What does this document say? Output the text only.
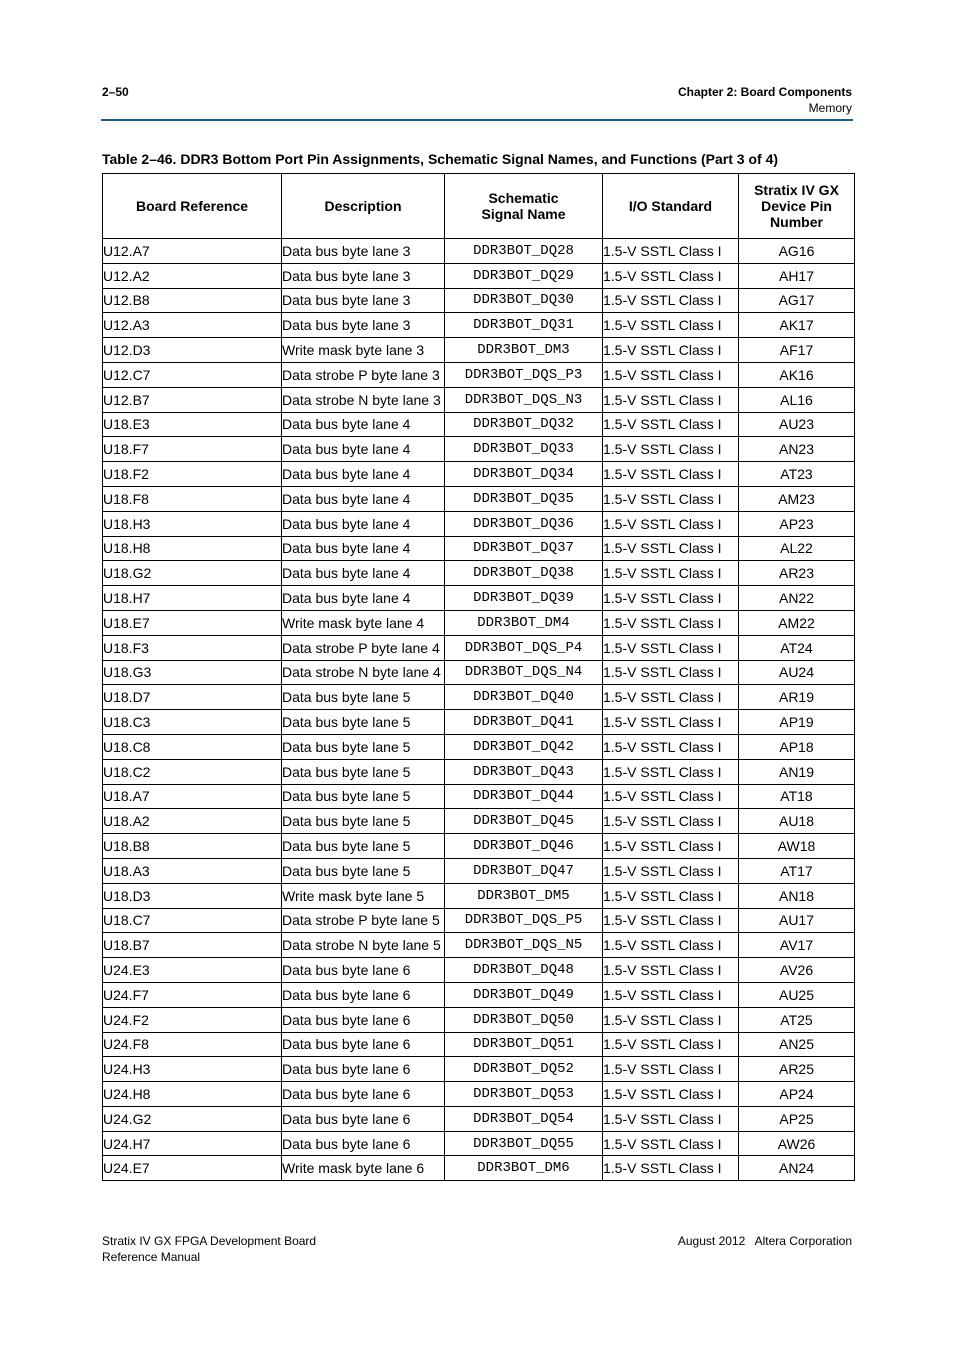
2–50	Chapter 2: Board Components
Memory
Table 2–46. DDR3 Bottom Port Pin Assignments, Schematic Signal Names, and Functions (Part 3 of 4)
Board Reference	Description	Schematic Signal Name	I/O Standard	Stratix IV GX Device Pin Number
U12.A7	Data bus byte lane 3	DDR3BOT_DQ28	1.5-V SSTL Class I	AG16
U12.A2	Data bus byte lane 3	DDR3BOT_DQ29	1.5-V SSTL Class I	AH17
U12.B8	Data bus byte lane 3	DDR3BOT_DQ30	1.5-V SSTL Class I	AG17
U12.A3	Data bus byte lane 3	DDR3BOT_DQ31	1.5-V SSTL Class I	AK17
U12.D3	Write mask byte lane 3	DDR3BOT_DM3	1.5-V SSTL Class I	AF17
U12.C7	Data strobe P byte lane 3	DDR3BOT_DQS_P3	1.5-V SSTL Class I	AK16
U12.B7	Data strobe N byte lane 3	DDR3BOT_DQS_N3	1.5-V SSTL Class I	AL16
U18.E3	Data bus byte lane 4	DDR3BOT_DQ32	1.5-V SSTL Class I	AU23
U18.F7	Data bus byte lane 4	DDR3BOT_DQ33	1.5-V SSTL Class I	AN23
U18.F2	Data bus byte lane 4	DDR3BOT_DQ34	1.5-V SSTL Class I	AT23
U18.F8	Data bus byte lane 4	DDR3BOT_DQ35	1.5-V SSTL Class I	AM23
U18.H3	Data bus byte lane 4	DDR3BOT_DQ36	1.5-V SSTL Class I	AP23
U18.H8	Data bus byte lane 4	DDR3BOT_DQ37	1.5-V SSTL Class I	AL22
U18.G2	Data bus byte lane 4	DDR3BOT_DQ38	1.5-V SSTL Class I	AR23
U18.H7	Data bus byte lane 4	DDR3BOT_DQ39	1.5-V SSTL Class I	AN22
U18.E7	Write mask byte lane 4	DDR3BOT_DM4	1.5-V SSTL Class I	AM22
U18.F3	Data strobe P byte lane 4	DDR3BOT_DQS_P4	1.5-V SSTL Class I	AT24
U18.G3	Data strobe N byte lane 4	DDR3BOT_DQS_N4	1.5-V SSTL Class I	AU24
U18.D7	Data bus byte lane 5	DDR3BOT_DQ40	1.5-V SSTL Class I	AR19
U18.C3	Data bus byte lane 5	DDR3BOT_DQ41	1.5-V SSTL Class I	AP19
U18.C8	Data bus byte lane 5	DDR3BOT_DQ42	1.5-V SSTL Class I	AP18
U18.C2	Data bus byte lane 5	DDR3BOT_DQ43	1.5-V SSTL Class I	AN19
U18.A7	Data bus byte lane 5	DDR3BOT_DQ44	1.5-V SSTL Class I	AT18
U18.A2	Data bus byte lane 5	DDR3BOT_DQ45	1.5-V SSTL Class I	AU18
U18.B8	Data bus byte lane 5	DDR3BOT_DQ46	1.5-V SSTL Class I	AW18
U18.A3	Data bus byte lane 5	DDR3BOT_DQ47	1.5-V SSTL Class I	AT17
U18.D3	Write mask byte lane 5	DDR3BOT_DM5	1.5-V SSTL Class I	AN18
U18.C7	Data strobe P byte lane 5	DDR3BOT_DQS_P5	1.5-V SSTL Class I	AU17
U18.B7	Data strobe N byte lane 5	DDR3BOT_DQS_N5	1.5-V SSTL Class I	AV17
U24.E3	Data bus byte lane 6	DDR3BOT_DQ48	1.5-V SSTL Class I	AV26
U24.F7	Data bus byte lane 6	DDR3BOT_DQ49	1.5-V SSTL Class I	AU25
U24.F2	Data bus byte lane 6	DDR3BOT_DQ50	1.5-V SSTL Class I	AT25
U24.F8	Data bus byte lane 6	DDR3BOT_DQ51	1.5-V SSTL Class I	AN25
U24.H3	Data bus byte lane 6	DDR3BOT_DQ52	1.5-V SSTL Class I	AR25
U24.H8	Data bus byte lane 6	DDR3BOT_DQ53	1.5-V SSTL Class I	AP24
U24.G2	Data bus byte lane 6	DDR3BOT_DQ54	1.5-V SSTL Class I	AP25
U24.H7	Data bus byte lane 6	DDR3BOT_DQ55	1.5-V SSTL Class I	AW26
U24.E7	Write mask byte lane 6	DDR3BOT_DM6	1.5-V SSTL Class I	AN24
Stratix IV GX FPGA Development Board
Reference Manual
August 2012   Altera Corporation
